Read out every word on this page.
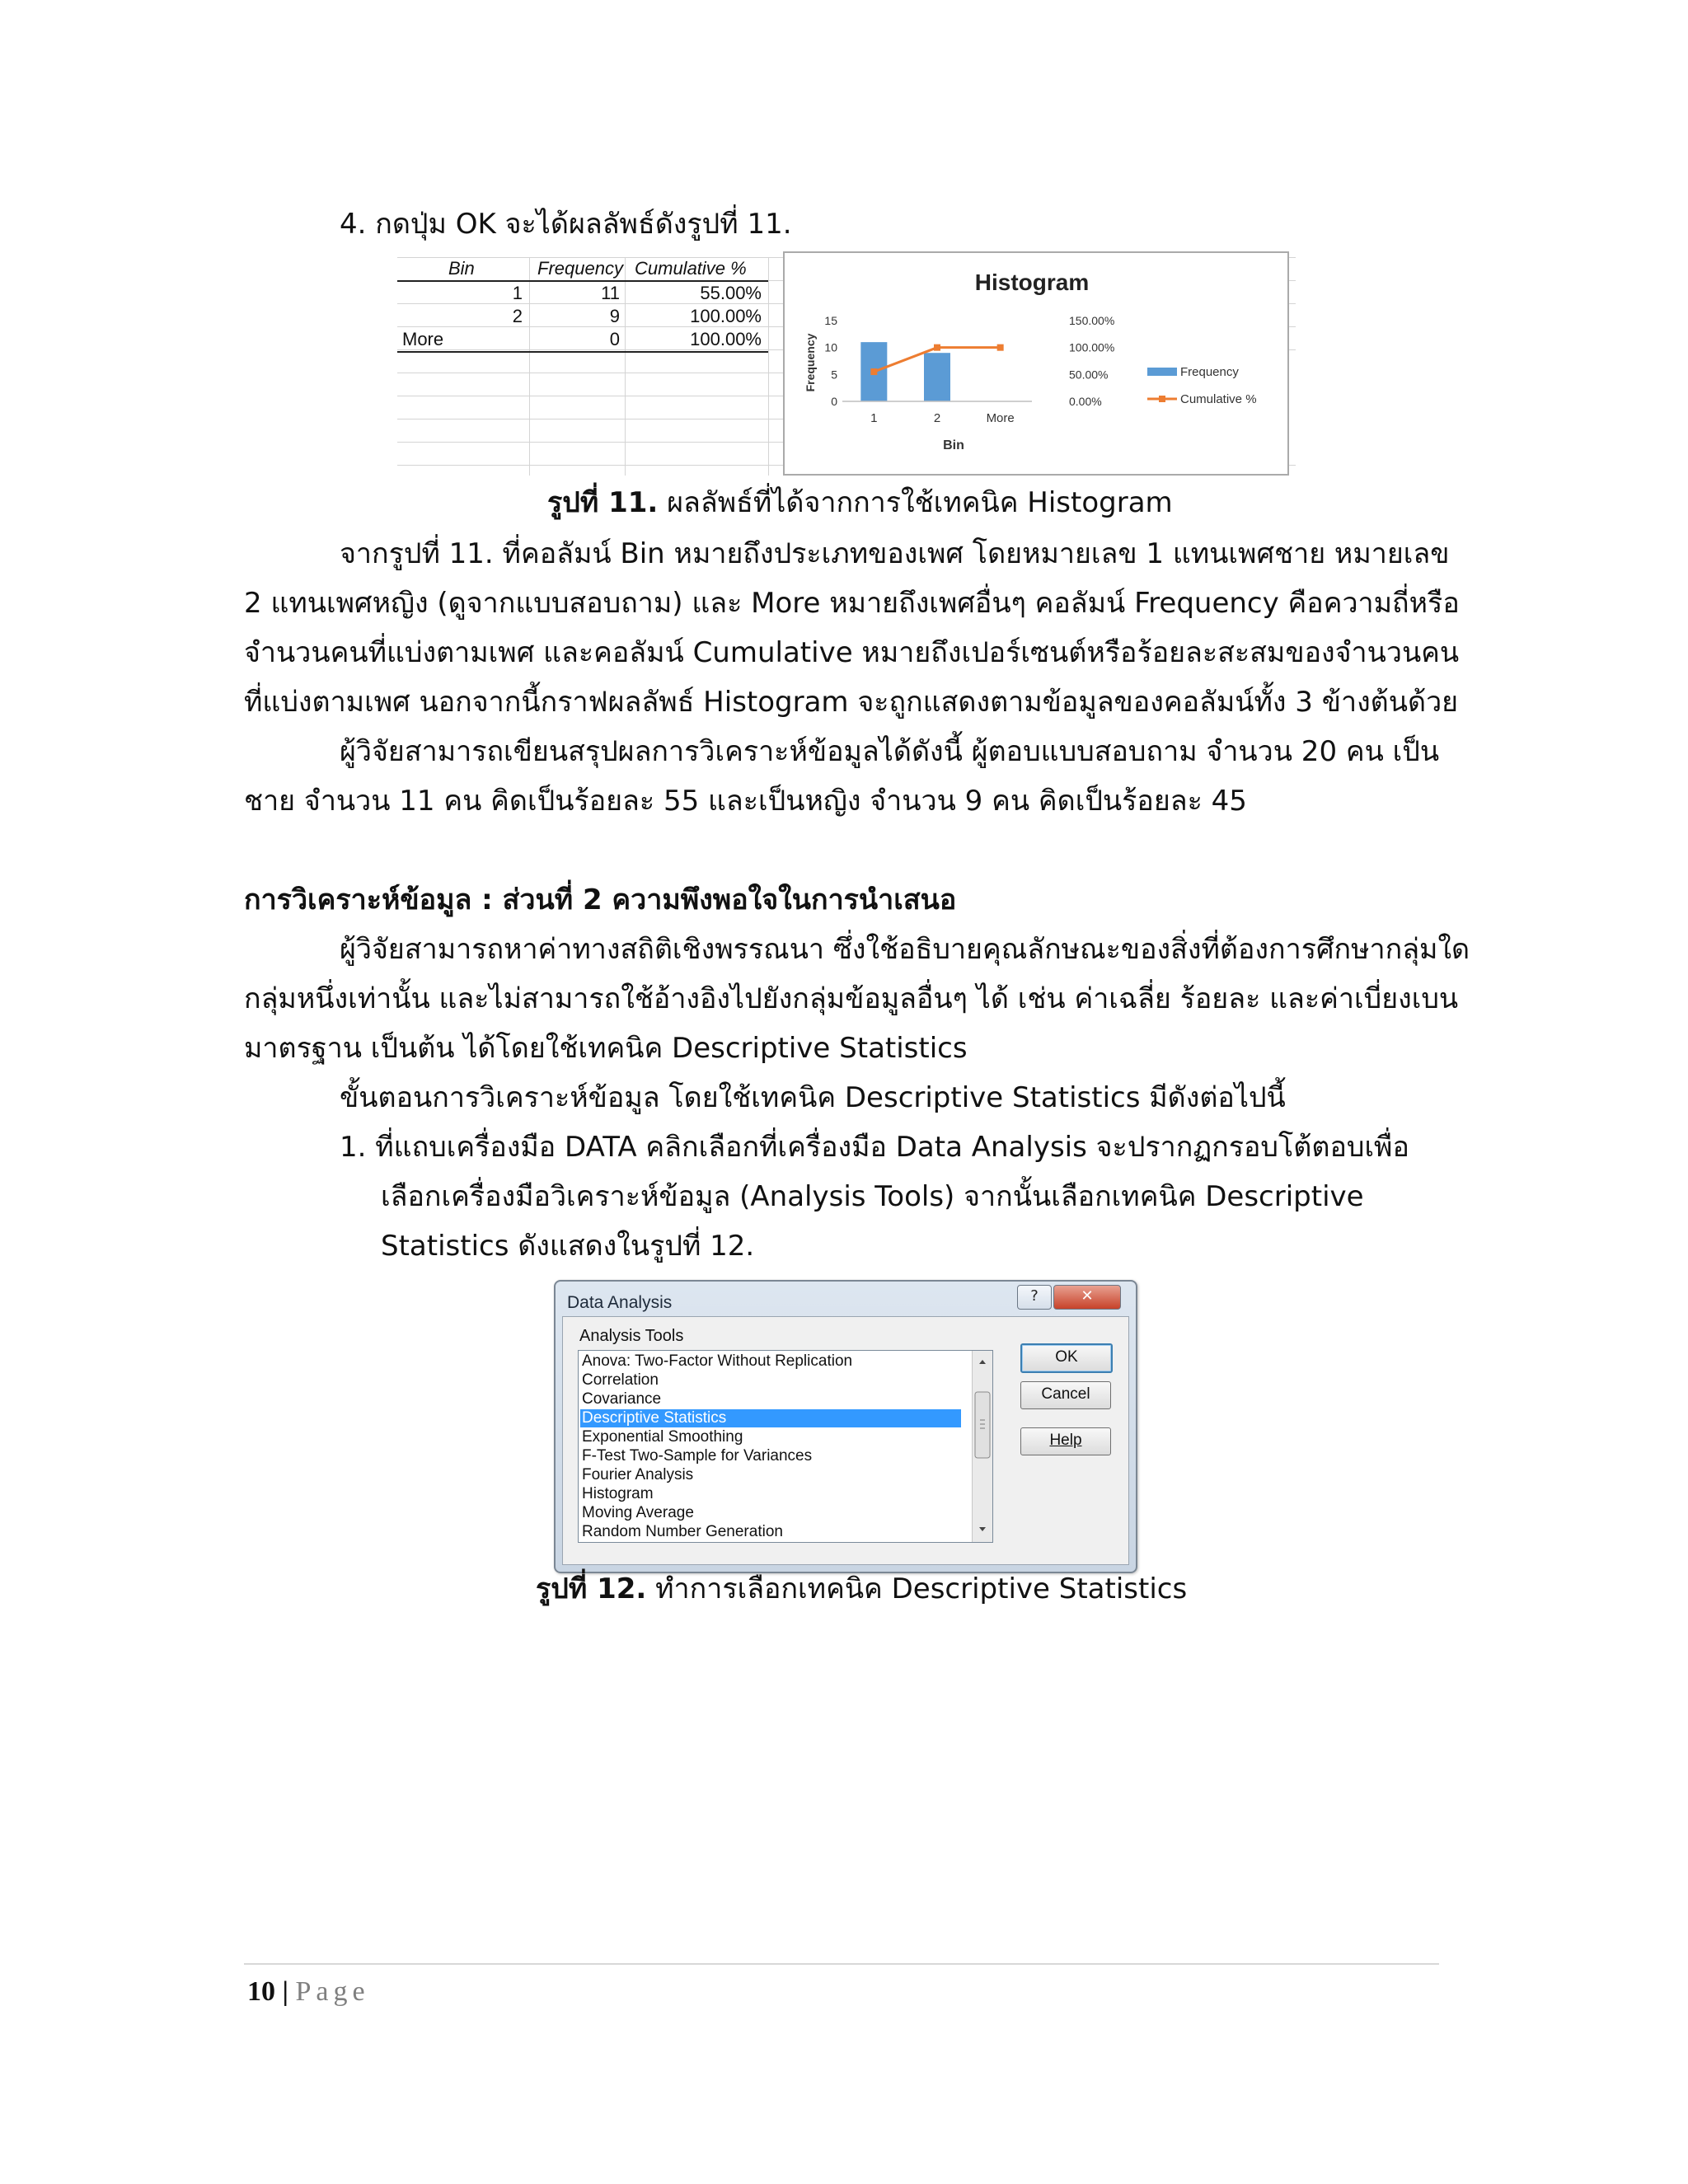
4. กดปุ่ม OK จะได้ผลลัพธ์ดังรูปที่ 11.
Bin	Frequency Cumulative %
1	11	55.00%
2	9	100.00%
More	0	100.00%
Histogram
15
10
5
0
150.00%
100.00%
50.00%
0.00%
1	2	More
Bin
Frequency	Frequency
Cumulative %
รูปที่ 11. ผลลัพธ์ที่ได้จากการใช้เทคนิค Histogram
จากรูปที่ 11. ที่คอลัมน์ Bin หมายถึงประเภทของเพศ โดยหมายเลข 1 แทนเพศชาย หมายเลข
2 แทนเพศหญิง (ดูจากแบบสอบถาม) และ More หมายถึงเพศอื่นๆ คอลัมน์ Frequency คือความถี่หรือ
จำนวนคนที่แบ่งตามเพศ และคอลัมน์ Cumulative หมายถึงเปอร์เซนต์หรือร้อยละสะสมของจำนวนคน
ที่แบ่งตามเพศ นอกจากนี้กราฟผลลัพธ์ Histogram จะถูกแสดงตามข้อมูลของคอลัมน์ทั้ง 3 ข้างต้นด้วย
ผู้วิจัยสามารถเขียนสรุปผลการวิเคราะห์ข้อมูลได้ดังนี้ ผู้ตอบแบบสอบถาม จำนวน 20 คน เป็น
ชาย จำนวน 11 คน คิดเป็นร้อยละ 55 และเป็นหญิง จำนวน 9 คน คิดเป็นร้อยละ 45
การวิเคราะห์ข้อมูล : ส่วนที่ 2 ความพึงพอใจในการนำเสนอ
ผู้วิจัยสามารถหาค่าทางสถิติเชิงพรรณนา ซึ่งใช้อธิบายคุณลักษณะของสิ่งที่ต้องการศึกษากลุ่มใด
กลุ่มหนึ่งเท่านั้น และไม่สามารถใช้อ้างอิงไปยังกลุ่มข้อมูลอื่นๆ ได้ เช่น ค่าเฉลี่ย ร้อยละ และค่าเบี่ยงเบน
มาตรฐาน เป็นต้น ได้โดยใช้เทคนิค Descriptive Statistics
ขั้นตอนการวิเคราะห์ข้อมูล โดยใช้เทคนิค Descriptive Statistics มีดังต่อไปนี้
1. ที่แถบเครื่องมือ DATA คลิกเลือกที่เครื่องมือ Data Analysis จะปรากฏกรอบโต้ตอบเพื่อ
เลือกเครื่องมือวิเคราะห์ข้อมูล (Analysis Tools) จากนั้นเลือกเทคนิค Descriptive
Statistics ดังแสดงในรูปที่ 12.
Data Analysis	?	✕
Analysis Tools
Anova: Two-Factor Without Replication
Correlation
Covariance
Descriptive Statistics
Exponential Smoothing
F-Test Two-Sample for Variances
Fourier Analysis
Histogram
Moving Average
Random Number Generation
OK
Cancel
Help
รูปที่ 12. ทำการเลือกเทคนิค Descriptive Statistics
10 | Page
